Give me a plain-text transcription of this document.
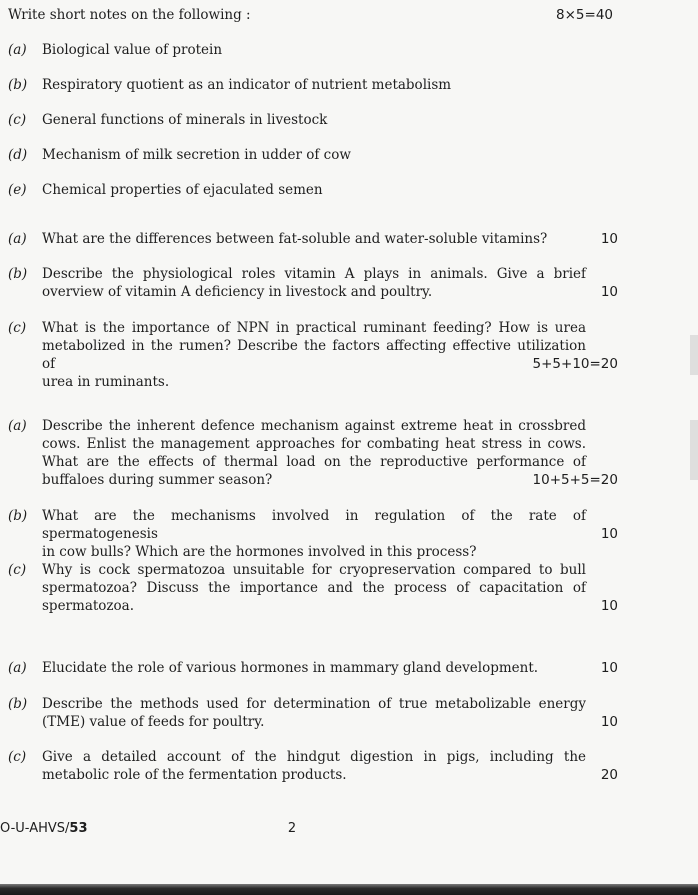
Write short notes on the following :	8×5=40
(a)	Biological value of protein
(b)	Respiratory quotient as an indicator of nutrient metabolism
(c)	General functions of minerals in livestock
(d)	Mechanism of milk secretion in udder of cow
(e)	Chemical properties of ejaculated semen
(a)	What are the differences between fat-soluble and water-soluble vitamins?	10
(b)	Describe the physiological roles vitamin A plays in animals. Give a brief
overview of vitamin A deficiency in livestock and poultry.	10
(c)	What is the importance of NPN in practical ruminant feeding? How is urea
metabolized in the rumen? Describe the factors affecting effective utilization of
urea in ruminants.
5+5+10=20
(a)	Describe the inherent defence mechanism against extreme heat in crossbred
cows. Enlist the management approaches for combating heat stress in cows.
What are the effects of thermal load on the reproductive performance of
buffaloes during summer season?	10+5+5=20
(b)	What are the mechanisms involved in regulation of the rate of spermatogenesis
in cow bulls? Which are the hormones involved in this process?
10
(c)	Why is cock spermatozoa unsuitable for cryopreservation compared to bull
spermatozoa? Discuss the importance and the process of capacitation of
spermatozoa.	10
(a)	Elucidate the role of various hormones in mammary gland development.	10
(b)	Describe the methods used for determination of true metabolizable energy
(TME) value of feeds for poultry.	10
(c)	Give a detailed account of the hindgut digestion in pigs, including the
metabolic role of the fermentation products.	20
O-U-AHVS/53	2
